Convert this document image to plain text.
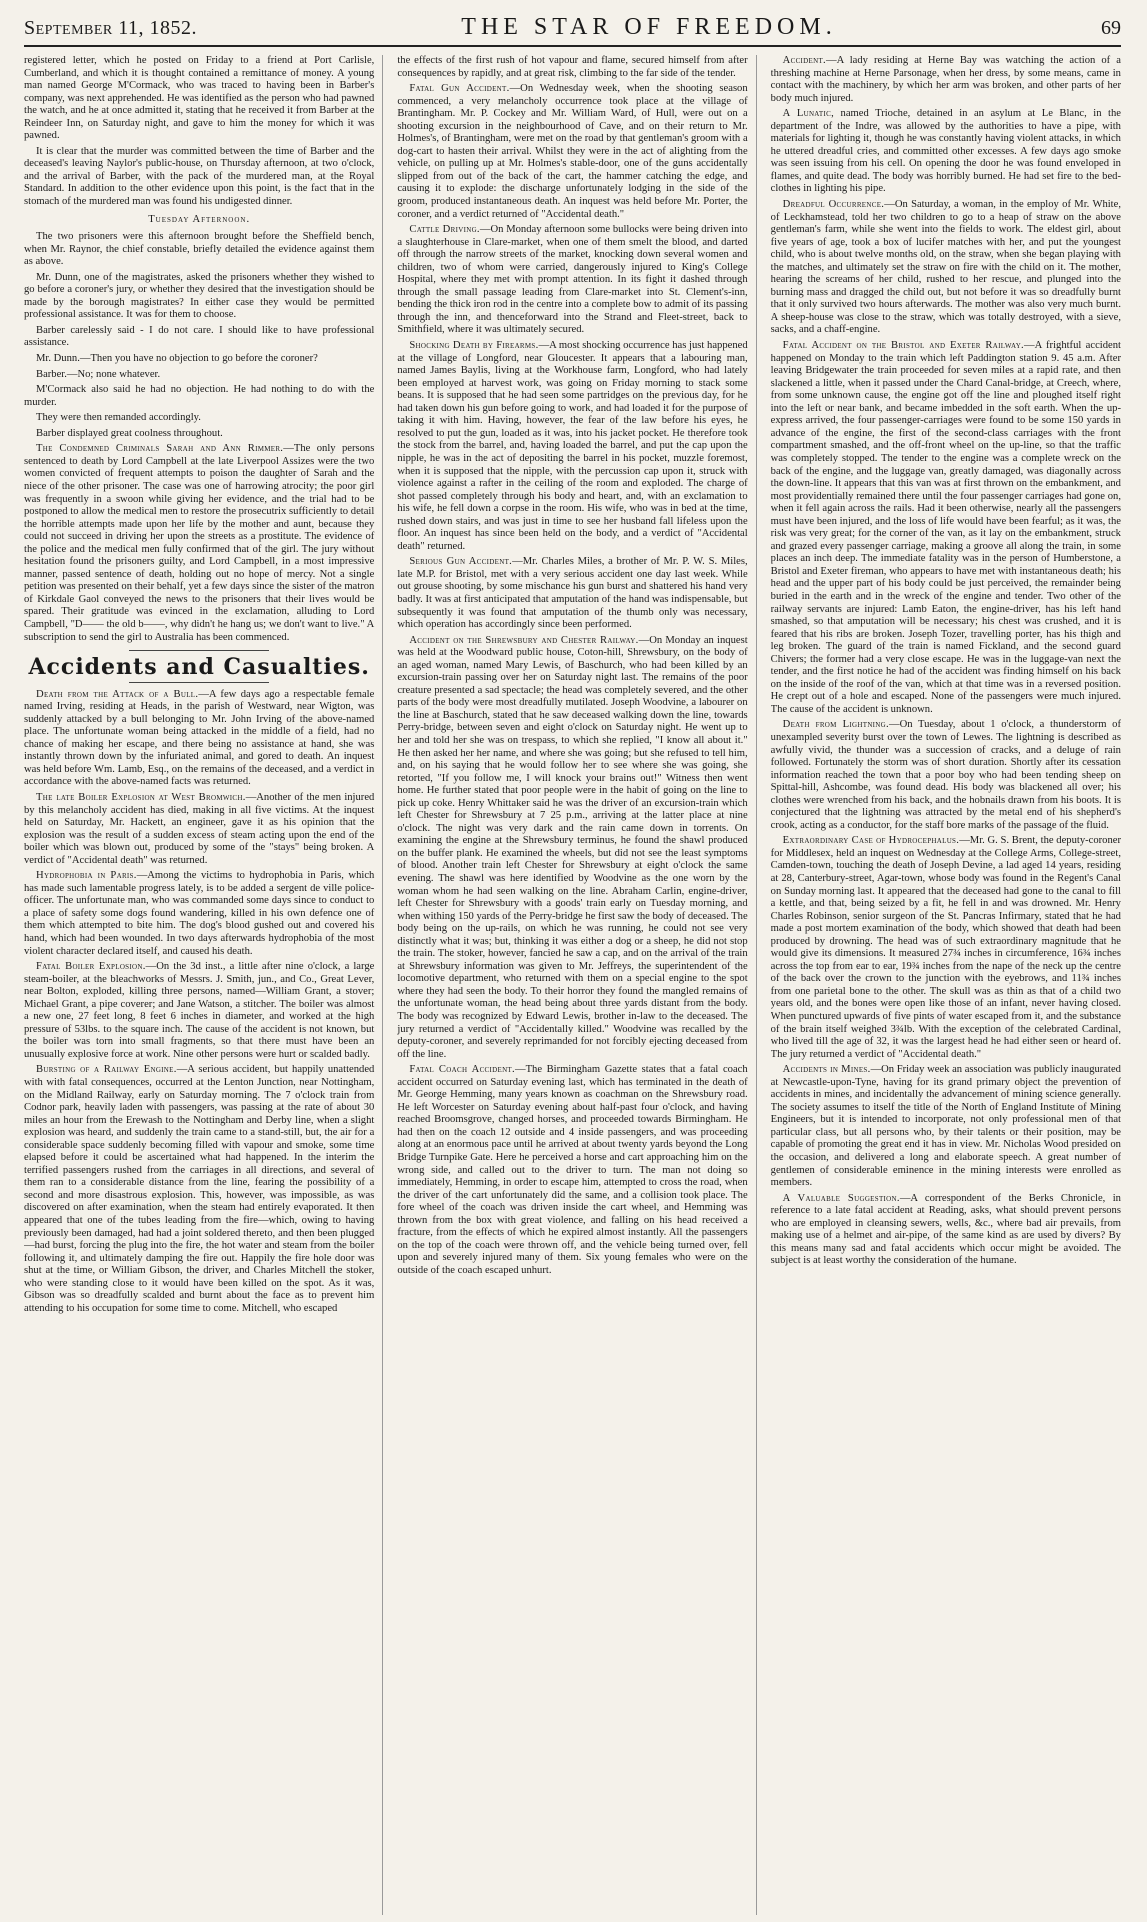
September 11, 1852.	THE STAR OF FREEDOM.	69

registered letter, which he posted on Friday to a friend at Port Carlisle, Cumberland, and which it is thought contained a remittance of money. A young man named George M'Cormack, who was traced to having been in Barber's company, was next apprehended. He was identified as the person who had pawned the watch, and he at once admitted it, stating that he received it from Barber at the Reindeer Inn, on Saturday night, and gave to him the money for which it was pawned.

It is clear that the murder was committed between the time of Barber and the deceased's leaving Naylor's public-house, on Thursday afternoon, at two o'clock, and the arrival of Barber, with the pack of the murdered man, at the Royal Standard. In addition to the other evidence upon this point, is the fact that in the stomach of the murdered man was found his undigested dinner.

Tuesday Afternoon.

The two prisoners were this afternoon brought before the Sheffield bench, when Mr. Raynor, the chief constable, briefly detailed the evidence against them as above.

Mr. Dunn, one of the magistrates, asked the prisoners whether they wished to go before a coroner's jury, or whether they desired that the investigation should be made by the borough magistrates? In either case they would be permitted professional assistance. It was for them to choose.

Barber carelessly said - I do not care. I should like to have professional assistance.

Mr. Dunn.—Then you have no objection to go before the coroner?

Barber.—No; none whatever.

M'Cormack also said he had no objection. He had nothing to do with the murder.

They were then remanded accordingly.

Barber displayed great coolness throughout.

The Condemned Criminals Sarah and Ann Rimmer.—The only persons sentenced to death by Lord Campbell at the late Liverpool Assizes were the two women convicted of frequent attempts to poison the daughter of Sarah and the niece of the other prisoner. The case was one of harrowing atrocity; the poor girl was frequently in a swoon while giving her evidence, and the trial had to be postponed to allow the medical men to restore the prosecutrix sufficiently to detail the horrible attempts made upon her life by the mother and aunt, because they could not succeed in driving her upon the streets as a prostitute. The evidence of the police and the medical men fully confirmed that of the girl. The jury without hesitation found the prisoners guilty, and Lord Campbell, in a most impressive manner, passed sentence of death, holding out no hope of mercy. Not a single petition was presented on their behalf, yet a few days since the sister of the matron of Kirkdale Gaol conveyed the news to the prisoners that their lives would be spared. Their gratitude was evinced in the exclamation, alluding to Lord Campbell, "D—— the old b——, why didn't he hang us; we don't want to live." A subscription to send the girl to Australia has been commenced.

Accidents and Casualties.

Death from the Attack of a Bull.—A few days ago a respectable female named Irving, residing at Heads, in the parish of Westward, near Wigton, was suddenly attacked by a bull belonging to Mr. John Irving of the above-named place. The unfortunate woman being attacked in the middle of a field, had no chance of making her escape, and there being no assistance at hand, she was instantly thrown down by the infuriated animal, and gored to death. An inquest was held before Wm. Lamb, Esq., on the remains of the deceased, and a verdict in accordance with the above-named facts was returned.

The late Boiler Explosion at West Bromwich.—Another of the men injured by this melancholy accident has died, making in all five victims. At the inquest held on Saturday, Mr. Hackett, an engineer, gave it as his opinion that the explosion was the result of a sudden excess of steam acting upon the end of the boiler which was blown out, produced by some of the "stays" being broken. A verdict of "Accidental death" was returned.

Hydrophobia in Paris.—Among the victims to hydrophobia in Paris, which has made such lamentable progress lately, is to be added a sergent de ville police-officer. The unfortunate man, who was commanded some days since to conduct to a place of safety some dogs found wandering, killed in his own defence one of them which attempted to bite him. The dog's blood gushed out and covered his hand, which had been wounded. In two days afterwards hydrophobia of the most violent character declared itself, and caused his death.

Fatal Boiler Explosion.—On the 3d inst., a little after nine o'clock, a large steam-boiler, at the bleachworks of Messrs. J. Smith, jun., and Co., Great Lever, near Bolton, exploded, killing three persons, named—William Grant, a stover; Michael Grant, a pipe coverer; and Jane Watson, a stitcher. The boiler was almost a new one, 27 feet long, 8 feet 6 inches in diameter, and worked at the high pressure of 53lbs. to the square inch. The cause of the accident is not known, but the boiler was torn into small fragments, so that there must have been an unusually explosive force at work. Nine other persons were hurt or scalded badly.

Bursting of a Railway Engine.—A serious accident, but happily unattended with with fatal consequences, occurred at the Lenton Junction, near Nottingham, on the Midland Railway, early on Saturday morning. The 7 o'clock train from Codnor park, heavily laden with passengers, was passing at the rate of about 30 miles an hour from the Erewash to the Nottingham and Derby line, when a slight explosion was heard, and suddenly the train came to a stand-still, but, the air for a considerable space suddenly becoming filled with vapour and smoke, some time elapsed before it could be ascertained what had happened. In the interim the terrified passengers rushed from the carriages in all directions, and several of them ran to a considerable distance from the line, fearing the possibility of a second and more disastrous explosion. This, however, was impossible, as was discovered on after examination, when the steam had entirely evaporated. It then appeared that one of the tubes leading from the fire—which, owing to having previously been damaged, had had a joint soldered thereto, and then been plugged—had burst, forcing the plug into the fire, the hot water and steam from the boiler following it, and ultimately damping the fire out. Happily the fire hole door was shut at the time, or William Gibson, the driver, and Charles Mitchell the stoker, who were standing close to it would have been killed on the spot. As it was, Gibson was so dreadfully scalded and burnt about the face as to prevent him attending to his occupation for some time to come. Mitchell, who escaped

the effects of the first rush of hot vapour and flame, secured himself from after consequences by rapidly, and at great risk, climbing to the far side of the tender.

Fatal Gun Accident.—On Wednesday week, when the shooting season commenced, a very melancholy occurrence took place at the village of Brantingham. Mr. P. Cockey and Mr. William Ward, of Hull, were out on a shooting excursion in the neighbourhood of Cave, and on their return to Mr. Holmes's, of Brantingham, were met on the road by that gentleman's groom with a dog-cart to hasten their arrival. Whilst they were in the act of alighting from the vehicle, on pulling up at Mr. Holmes's stable-door, one of the guns accidentally slipped from out of the back of the cart, the hammer catching the edge, and causing it to explode: the discharge unfortunately lodging in the side of the groom, produced instantaneous death. An inquest was held before Mr. Porter, the coroner, and a verdict returned of "Accidental death."

Cattle Driving.—On Monday afternoon some bullocks were being driven into a slaughterhouse in Clare-market, when one of them smelt the blood, and darted off through the narrow streets of the market, knocking down several women and children, two of whom were carried, dangerously injured to King's College Hospital, where they met with prompt attention. In its fight it dashed through through the small passage leading from Clare-market into St. Clement's-inn, bending the thick iron rod in the centre into a complete bow to admit of its passing through the inn, and thenceforward into the Strand and Fleet-street, back to Smithfield, where it was ultimately secured.

Shocking Death by Firearms.—A most shocking occurrence has just happened at the village of Longford, near Gloucester. It appears that a labouring man, named James Baylis, living at the Workhouse farm, Longford, who had lately been employed at harvest work, was going on Friday morning to stack some beans. It is supposed that he had seen some partridges on the previous day, for he had taken down his gun before going to work, and had loaded it for the purpose of taking it with him. Having, however, the fear of the law before his eyes, he resolved to put the gun, loaded as it was, into his jacket pocket. He therefore took the stock from the barrel, and, having loaded the barrel, and put the cap upon the nipple, he was in the act of depositing the barrel in his pocket, muzzle foremost, when it is supposed that the nipple, with the percussion cap upon it, struck with violence against a rafter in the ceiling of the room and exploded. The charge of shot passed completely through his body and heart, and, with an exclamation to his wife, he fell down a corpse in the room. His wife, who was in bed at the time, rushed down stairs, and was just in time to see her husband fall lifeless upon the floor. An inquest has since been held on the body, and a verdict of "Accidental death" returned.

Serious Gun Accident.—Mr. Charles Miles, a brother of Mr. P. W. S. Miles, late M.P. for Bristol, met with a very serious accident one day last week. While out grouse shooting, by some mischance his gun burst and shattered his hand very badly. It was at first anticipated that amputation of the hand was indispensable, but subsequently it was found that amputation of the thumb only was necessary, which operation has accordingly since been performed.

Accident on the Shrewsbury and Chester Railway.—On Monday an inquest was held at the Woodward public house, Coton-hill, Shrewsbury, on the body of an aged woman, named Mary Lewis, of Baschurch, who had been killed by an excursion-train passing over her on Saturday night last. The remains of the poor creature presented a sad spectacle; the head was completely severed, and the other parts of the body were most dreadfully mutilated. Joseph Woodvine, a labourer on the line at Baschurch, stated that he saw deceased walking down the line, towards Perry-bridge, between seven and eight o'clock on Saturday night. He went up to her and told her she was on trespass, to which she replied, "I know all about it." He then asked her her name, and where she was going; but she refused to tell him, and, on his saying that he would follow her to see where she was going, she retorted, "If you follow me, I will knock your brains out!" Witness then went home. He further stated that poor people were in the habit of going on the line to pick up coke. Henry Whittaker said he was the driver of an excursion-train which left Chester for Shrewsbury at 7 25 p.m., arriving at the latter place at nine o'clock. The night was very dark and the rain came down in torrents. On examining the engine at the Shrewsbury terminus, he found the shawl produced on the buffer plank. He examined the wheels, but did not see the least symptoms of blood. Another train left Chester for Shrewsbury at eight o'clock the same evening. The shawl was here identified by Woodvine as the one worn by the woman whom he had seen walking on the line. Abraham Carlin, engine-driver, left Chester for Shrewsbury with a goods' train early on Tuesday morning, and when withing 150 yards of the Perry-bridge he first saw the body of deceased. The body being on the up-rails, on which he was running, he could not see very distinctly what it was; but, thinking it was either a dog or a sheep, he did not stop the train. The stoker, however, fancied he saw a cap, and on the arrival of the train at Shrewsbury information was given to Mr. Jeffreys, the superintendent of the locomotive department, who returned with them on a special engine to the spot where they had seen the body. To their horror they found the mangled remains of the unfortunate woman, the head being about three yards distant from the body. The body was recognized by Edward Lewis, brother in-law to the deceased. The jury returned a verdict of "Accidentally killed." Woodvine was recalled by the deputy-coroner, and severely reprimanded for not forcibly ejecting deceased from off the line.

Fatal Coach Accident.—The Birmingham Gazette states that a fatal coach accident occurred on Saturday evening last, which has terminated in the death of Mr. George Hemming, many years known as coachman on the Shrewsbury road. He left Worcester on Saturday evening about half-past four o'clock, and having reached Broomsgrove, changed horses, and proceeded towards Birmingham. He had then on the coach 12 outside and 4 inside passengers, and was proceeding along at an enormous pace until he arrived at about twenty yards beyond the Long Bridge Turnpike Gate. Here he perceived a horse and cart approaching him on the wrong side, and called out to the driver to turn. The man not doing so immediately, Hemming, in order to escape him, attempted to cross the road, when the driver of the cart unfortunately did the same, and a collision took place. The fore wheel of the coach was driven inside the cart wheel, and Hemming was thrown from the box with great violence, and falling on his head received a fracture, from the effects of which he expired almost instantly. All the passengers on the top of the coach were thrown off, and the vehicle being turned over, fell upon and severely injured many of them. Six young females who were on the outside of the coach escaped unhurt.

Accident.—A lady residing at Herne Bay was watching the action of a threshing machine at Herne Parsonage, when her dress, by some means, came in contact with the machinery, by which her arm was broken, and other parts of her body much injured.

A Lunatic, named Trioche, detained in an asylum at Le Blanc, in the department of the Indre, was allowed by the authorities to have a pipe, with materials for lighting it, though he was constantly having violent attacks, in which he uttered dreadful cries, and committed other excesses. A few days ago smoke was seen issuing from his cell. On opening the door he was found enveloped in flames, and quite dead. The body was horribly burned. He had set fire to the bed-clothes in lighting his pipe.

Dreadful Occurrence.—On Saturday, a woman, in the employ of Mr. White, of Leckhamstead, told her two children to go to a heap of straw on the above gentleman's farm, while she went into the fields to work. The eldest girl, about five years of age, took a box of lucifer matches with her, and put the youngest child, who is about twelve months old, on the straw, when she began playing with the matches, and ultimately set the straw on fire with the child on it. The mother, hearing the screams of her child, rushed to her rescue, and plunged into the burning mass and dragged the child out, but not before it was so dreadfully burnt that it only survived two hours afterwards. The mother was also very much burnt. A sheep-house was close to the straw, which was totally destroyed, with a sieve, sacks, and a chaff-engine.

Fatal Accident on the Bristol and Exeter Railway.—A frightful accident happened on Monday to the train which left Paddington station 9. 45 a.m. After leaving Bridgewater the train proceeded for seven miles at a rapid rate, and then slackened a little, when it passed under the Chard Canal-bridge, at Creech, where, from some unknown cause, the engine got off the line and ploughed itself right into the left or near bank, and became imbedded in the soft earth. When the up-express arrived, the four passenger-carriages were found to be some 150 yards in advance of the engine, the first of the second-class carriages with the front compartment smashed, and the off-front wheel on the up-line, so that the traffic was completely stopped. The tender to the engine was a complete wreck on the back of the engine, and the luggage van, greatly damaged, was diagonally across the down-line. It appears that this van was at first thrown on the embankment, and most providentially remained there until the four passenger carriages had gone on, when it fell again across the rails. Had it been otherwise, nearly all the passengers must have been injured, and the loss of life would have been fearful; as it was, the risk was very great; for the corner of the van, as it lay on the embankment, struck and grazed every passenger carriage, making a groove all along the train, in some places an inch deep. The immediate fatality was in the person of Humberstone, a Bristol and Exeter fireman, who appears to have met with instantaneous death; his head and the upper part of his body could be just perceived, the remainder being buried in the earth and in the wreck of the engine and tender. Two other of the railway servants are injured: Lamb Eaton, the engine-driver, has his left hand smashed, so that amputation will be necessary; his chest was crushed, and it is feared that his ribs are broken. Joseph Tozer, travelling porter, has his thigh and leg broken. The guard of the train is named Fickland, and the second guard Chivers; the former had a very close escape. He was in the luggage-van next the tender, and the first notice he had of the accident was finding himself on his back on the inside of the roof of the van, which at that time was in a reversed position. He crept out of a hole and escaped. None of the passengers were much injured. The cause of the accident is unknown.

Death from Lightning.—On Tuesday, about 1 o'clock, a thunderstorm of unexampled severity burst over the town of Lewes. The lightning is described as awfully vivid, the thunder was a succession of cracks, and a deluge of rain followed. Fortunately the storm was of short duration. Shortly after its cessation information reached the town that a poor boy who had been tending sheep on Spittal-hill, Ashcombe, was found dead. His body was blackened all over; his clothes were wrenched from his back, and the hobnails drawn from his boots. It is conjectured that the lightning was attracted by the metal end of his shepherd's crook, acting as a conductor, for the staff bore marks of the passage of the fluid.

Extraordinary Case of Hydrocephalus.—Mr. G. S. Brent, the deputy-coroner for Middlesex, held an inquest on Wednesday at the College Arms, College-street, Camden-town, touching the death of Joseph Devine, a lad aged 14 years, residing at 28, Canterbury-street, Agar-town, whose body was found in the Regent's Canal on Sunday morning last. It appeared that the deceased had gone to the canal to fill a kettle, and that, being seized by a fit, he fell in and was drowned. Mr. Henry Charles Robinson, senior surgeon of the St. Pancras Infirmary, stated that he had made a post mortem examination of the body, which showed that death had been produced by drowning. The head was of such extraordinary magnitude that he would give its dimensions. It measured 27¾ inches in circumference, 16¾ inches across the top from ear to ear, 19¾ inches from the nape of the neck up the centre of the back over the crown to the junction with the eyebrows, and 11¾ inches from one parietal bone to the other. The skull was as thin as that of a child two years old, and the bones were open like those of an infant, never having closed. When punctured upwards of five pints of water escaped from it, and the substance of the brain itself weighed 3¾lb. With the exception of the celebrated Cardinal, who lived till the age of 32, it was the largest head he had either seen or heard of. The jury returned a verdict of "Accidental death."

Accidents in Mines.—On Friday week an association was publicly inaugurated at Newcastle-upon-Tyne, having for its grand primary object the prevention of accidents in mines, and incidentally the advancement of mining science generally. The society assumes to itself the title of the North of England Institute of Mining Engineers, but it is intended to incorporate, not only professional men of that particular class, but all persons who, by their talents or their position, may be capable of promoting the great end it has in view. Mr. Nicholas Wood presided on the occasion, and delivered a long and elaborate speech. A great number of gentlemen of considerable eminence in the mining interests were enrolled as members.

A Valuable Suggestion.—A correspondent of the Berks Chronicle, in reference to a late fatal accident at Reading, asks, what should prevent persons who are employed in cleansing sewers, wells, &c., where bad air prevails, from making use of a helmet and air-pipe, of the same kind as are used by divers? By this means many sad and fatal accidents which occur might be avoided. The subject is at least worthy the consideration of the humane.
